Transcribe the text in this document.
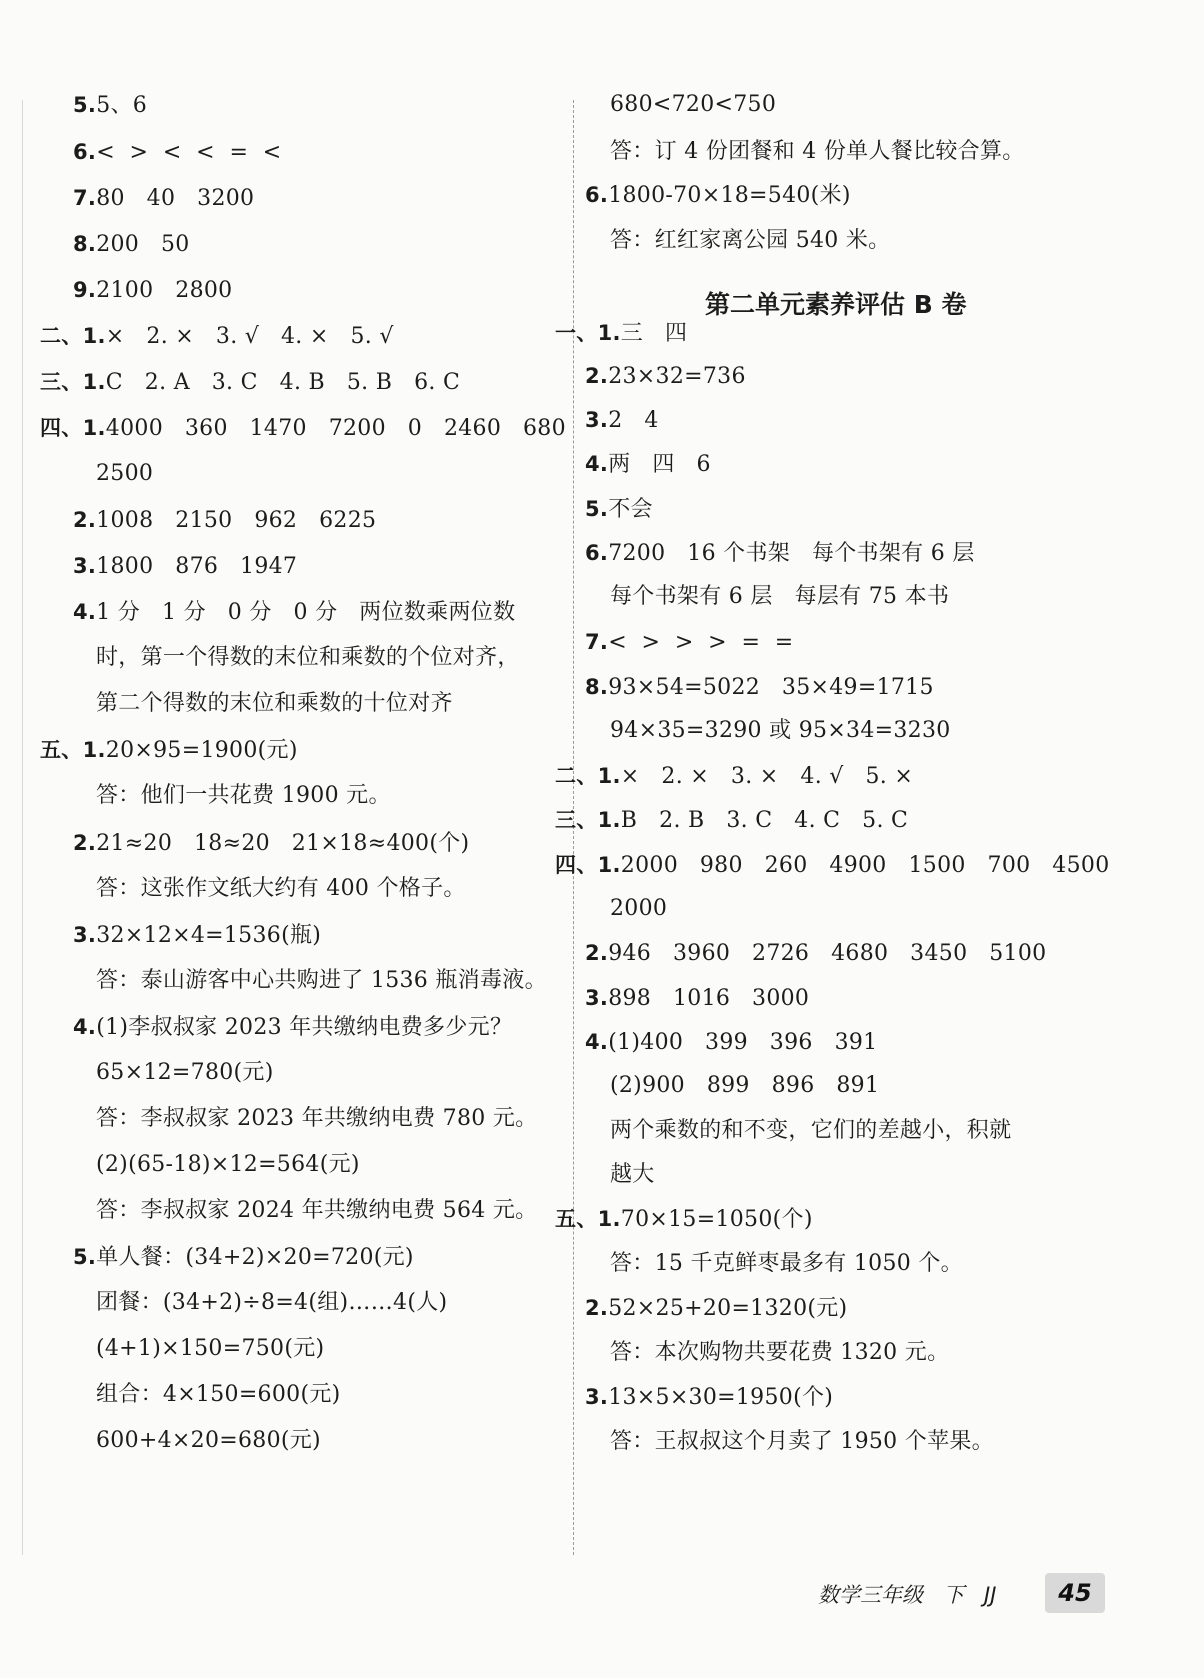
5.5、6
6.<  >  <  <  =  <
7.80   40   3200
8.200   50
9.2100   2800
二、1.×   2. ×   3. √   4. ×   5. √
三、1.C   2. A   3. C   4. B   5. B   6. C
四、1.4000   360   1470   7200   0   2460   680
2500
2.1008   2150   962   6225
3.1800   876   1947
4.1 分   1 分   0 分   0 分   两位数乘两位数
时，第一个得数的末位和乘数的个位对齐，
第二个得数的末位和乘数的十位对齐
五、1.20×95=1900(元)
答：他们一共花费 1900 元。
2.21≈20   18≈20   21×18≈400(个)
答：这张作文纸大约有 400 个格子。
3.32×12×4=1536(瓶)
答：泰山游客中心共购进了 1536 瓶消毒液。
4.(1)李叔叔家 2023 年共缴纳电费多少元？
65×12=780(元)
答：李叔叔家 2023 年共缴纳电费 780 元。
(2)(65-18)×12=564(元)
答：李叔叔家 2024 年共缴纳电费 564 元。
5.单人餐：(34+2)×20=720(元)
团餐：(34+2)÷8=4(组)……4(人)
(4+1)×150=750(元)
组合：4×150=600(元)
600+4×20=680(元)
680<720<750
答：订 4 份团餐和 4 份单人餐比较合算。
6.1800-70×18=540(米)
答：红红家离公园 540 米。
一、1.三   四
2.23×32=736
3.2   4
4.两   四   6
5.不会
6.7200   16 个书架   每个书架有 6 层
每个书架有 6 层   每层有 75 本书
7.<  >  >  >  =  =
8.93×54=5022   35×49=1715
94×35=3290 或 95×34=3230
二、1.×   2. ×   3. ×   4. √   5. ×
三、1.B   2. B   3. C   4. C   5. C
四、1.2000   980   260   4900   1500   700   4500
2000
2.946   3960   2726   4680   3450   5100
3.898   1016   3000
4.(1)400   399   396   391
(2)900   899   896   891
两个乘数的和不变，它们的差越小，积就
越大
五、1.70×15=1050(个)
答：15 千克鲜枣最多有 1050 个。
2.52×25+20=1320(元)
答：本次购物共要花费 1320 元。
3.13×5×30=1950(个)
答：王叔叔这个月卖了 1950 个苹果。
第二单元素养评估 B 卷
数学三年级   下   JJ	45
